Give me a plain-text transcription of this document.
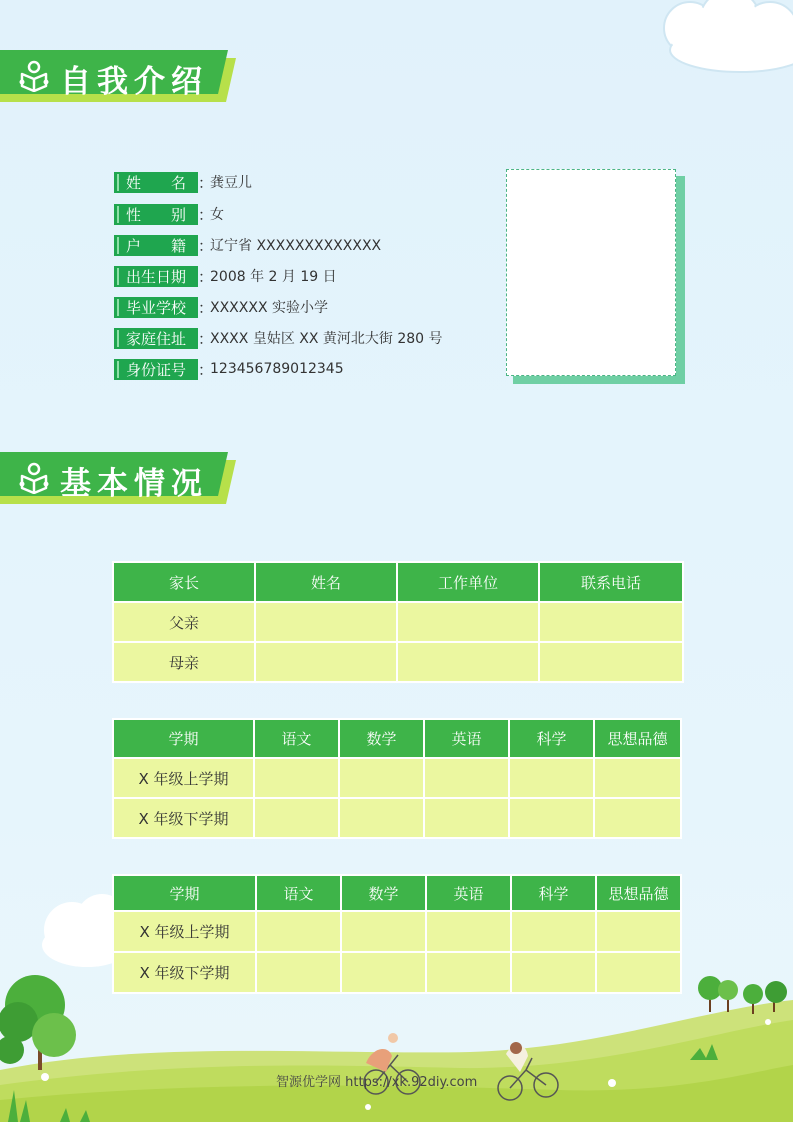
自我介绍
姓　　名 ：
龚豆儿
性　　别 ：
女
户　　籍 ：
辽宁省 XXXXXXXXXXXXX
出生日期 ：
2008 年 2 月 19 日
毕业学校 ：
XXXXXX 实验小学
家庭住址 ：
XXXX 皇姑区 XX 黄河北大街 280 号
身份证号 ：
123456789012345
基本情况
家长	姓名	工作单位	联系电话
父亲			
母亲			
学期	语文	数学	英语	科学	思想品德
X 年级上学期					
X 年级下学期					
学期	语文	数学	英语	科学	思想品德
X 年级上学期					
X 年级下学期					
智源优学网 https://xk.92diy.com
